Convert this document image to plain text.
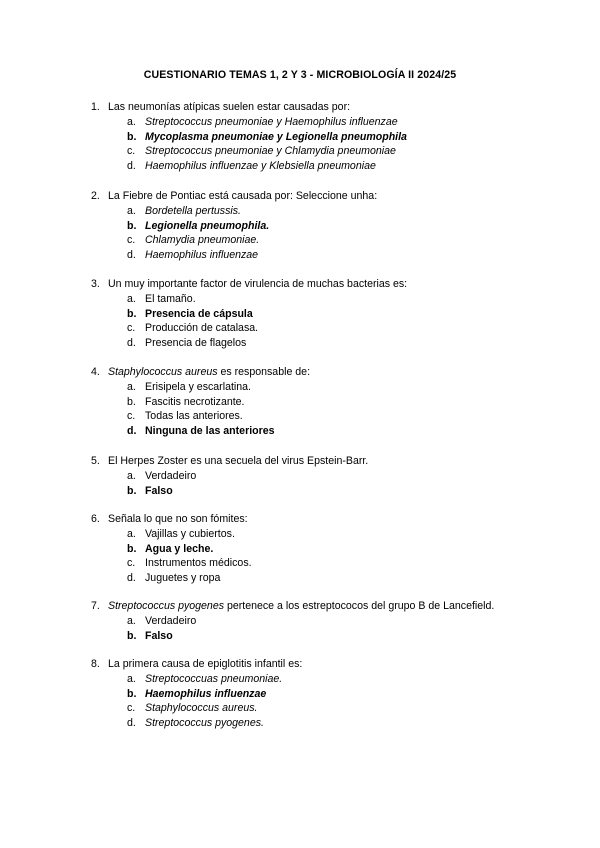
CUESTIONARIO TEMAS 1, 2 Y 3 - MICROBIOLOGÍA II 2024/25
1. Las neumonías atípicas suelen estar causadas por:
a. Streptococcus pneumoniae y Haemophilus influenzae
b. Mycoplasma pneumoniae y Legionella pneumophila
c. Streptococcus pneumoniae y Chlamydia pneumoniae
d. Haemophilus influenzae y Klebsiella pneumoniae
2. La Fiebre de Pontiac está causada por: Seleccione unha:
a. Bordetella pertussis.
b. Legionella pneumophila.
c. Chlamydia pneumoniae.
d. Haemophilus influenzae
3. Un muy importante factor de virulencia de muchas bacterias es:
a. El tamaño.
b. Presencia de cápsula
c. Producción de catalasa.
d. Presencia de flagelos
4. Staphylococcus aureus es responsable de:
a. Erisipela y escarlatina.
b. Fascitis necrotizante.
c. Todas las anteriores.
d. Ninguna de las anteriores
5. El Herpes Zoster es una secuela del virus Epstein-Barr.
a. Verdadeiro
b. Falso
6. Señala lo que no son fómites:
a. Vajillas y cubiertos.
b. Agua y leche.
c. Instrumentos médicos.
d. Juguetes y ropa
7. Streptococcus pyogenes pertenece a los estreptococos del grupo B de Lancefield.
a. Verdadeiro
b. Falso
8. La primera causa de epiglotitis infantil es:
a. Streptococcuas pneumoniae.
b. Haemophilus influenzae
c. Staphylococcus aureus.
d. Streptococcus pyogenes.
